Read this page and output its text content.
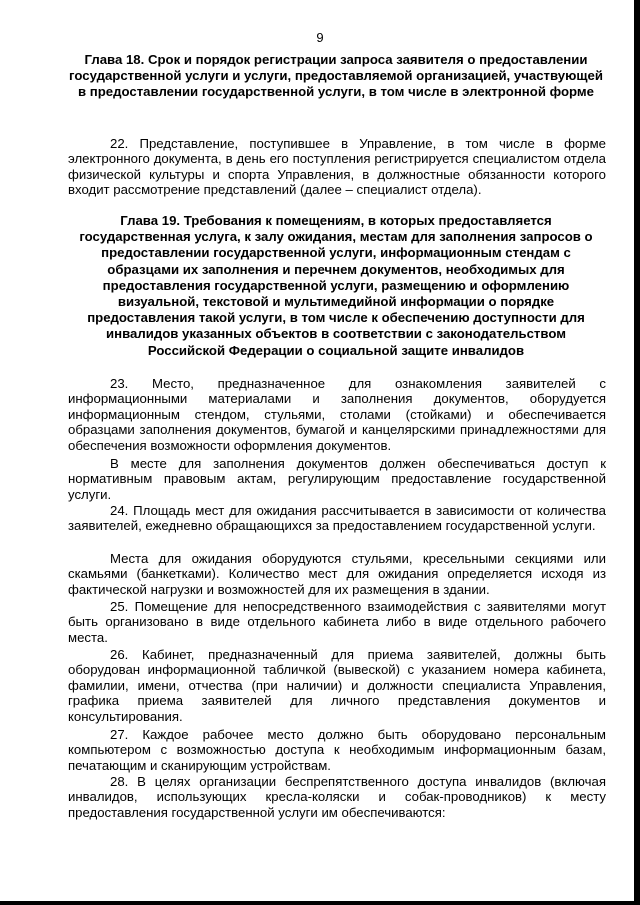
9
Глава 18. Срок и порядок регистрации запроса заявителя о предоставлении государственной услуги и услуги, предоставляемой организацией, участвующей в предоставлении государственной услуги, в том числе в электронной форме
22. Представление, поступившее в Управление, в том числе в форме электронного документа, в день его поступления регистрируется специалистом отдела физической культуры и спорта Управления, в должностные обязанности которого входит рассмотрение представлений (далее – специалист отдела).
Глава 19. Требования к помещениям, в которых предоставляется государственная услуга, к залу ожидания, местам для заполнения запросов о предоставлении государственной услуги, информационным стендам с образцами их заполнения и перечнем документов, необходимых для предоставления государственной услуги, размещению и оформлению визуальной, текстовой и мультимедийной информации о порядке предоставления такой услуги, в том числе к обеспечению доступности для инвалидов указанных объектов в соответствии с законодательством Российской Федерации о социальной защите инвалидов
23. Место, предназначенное для ознакомления заявителей с информационными материалами и заполнения документов, оборудуется информационным стендом, стульями, столами (стойками) и обеспечивается образцами заполнения документов, бумагой и канцелярскими принадлежностями для обеспечения возможности оформления документов.
В месте для заполнения документов должен обеспечиваться доступ к нормативным правовым актам, регулирующим предоставление государственной услуги.
24. Площадь мест для ожидания рассчитывается в зависимости от количества заявителей, ежедневно обращающихся за предоставлением государственной услуги.
Места для ожидания оборудуются стульями, кресельными секциями или скамьями (банкетками). Количество мест для ожидания определяется исходя из фактической нагрузки и возможностей для их размещения в здании.
25. Помещение для непосредственного взаимодействия с заявителями могут быть организовано в виде отдельного кабинета либо в виде отдельного рабочего места.
26. Кабинет, предназначенный для приема заявителей, должны быть оборудован информационной табличкой (вывеской) с указанием номера кабинета, фамилии, имени, отчества (при наличии) и должности специалиста Управления, графика приема заявителей для личного представления документов и консультирования.
27. Каждое рабочее место должно быть оборудовано персональным компьютером с возможностью доступа к необходимым информационным базам, печатающим и сканирующим устройствам.
28. В целях организации беспрепятственного доступа инвалидов (включая инвалидов, использующих кресла-коляски и собак-проводников) к месту предоставления государственной услуги им обеспечиваются:
